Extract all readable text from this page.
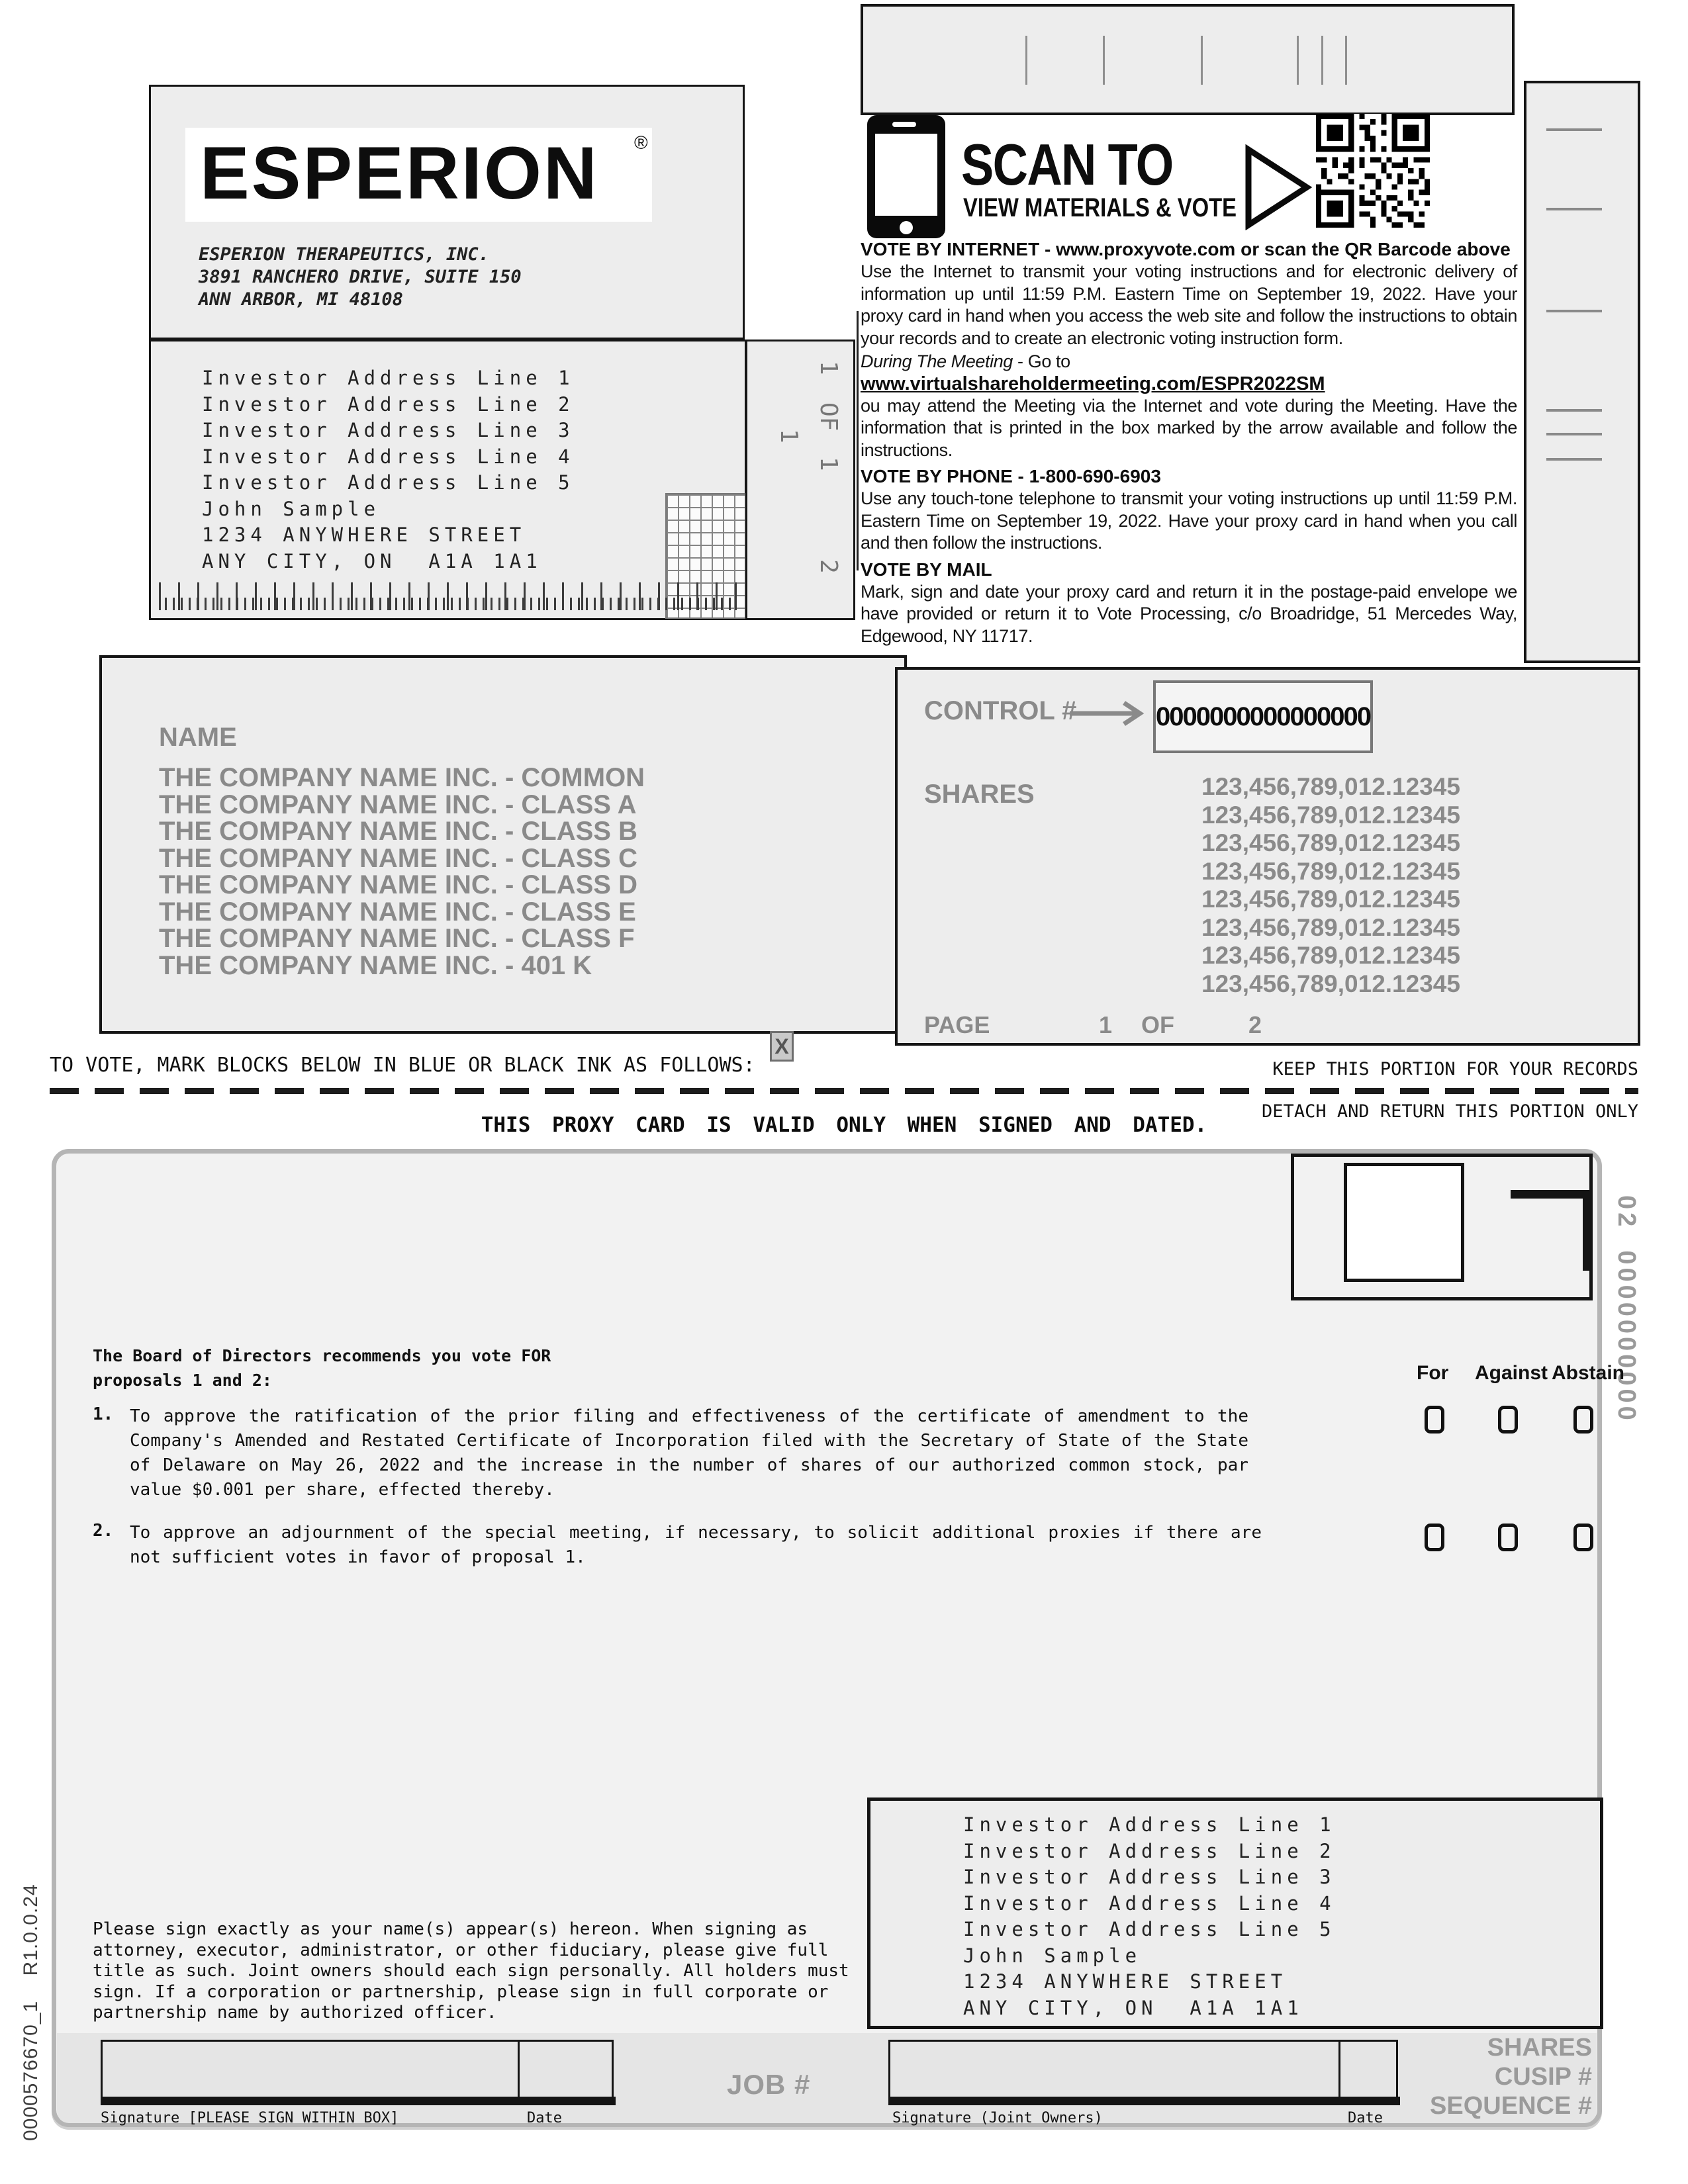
ESPERION ®
ESPERION THERAPEUTICS, INC.
3891 RANCHERO DRIVE, SUITE 150
ANN ARBOR, MI 48108
Investor Address Line 1
Investor Address Line 2
Investor Address Line 3
Investor Address Line 4
Investor Address Line 5
John Sample
1234 ANYWHERE STREET
ANY CITY, ON  A1A 1A1
1
OF
1
1
2
SCAN TO
VIEW MATERIALS & VOTE
VOTE BY INTERNET - www.proxyvote.com or scan the QR Barcode above
Use the Internet to transmit your voting instructions and for electronic delivery of information up until 11:59 P.M. Eastern Time on September 19, 2022. Have your proxy card in hand when you access the web site and follow the instructions to obtain your records and to create an electronic voting instruction form.
During The Meeting - Go to www.virtualshareholdermeeting.com/ESPR2022SM
ou may attend the Meeting via the Internet and vote during the Meeting. Have the information that is printed in the box marked by the arrow available and follow the instructions.
VOTE BY PHONE - 1-800-690-6903
Use any touch-tone telephone to transmit your voting instructions up until 11:59 P.M. Eastern Time on September 19, 2022. Have your proxy card in hand when you call and then follow the instructions.
VOTE BY MAIL
Mark, sign and date your proxy card and return it in the postage-paid envelope we have provided or return it to Vote Processing, c/o Broadridge, 51 Mercedes Way, Edgewood, NY 11717.
NAME
THE COMPANY NAME INC. - COMMON
THE COMPANY NAME INC. - CLASS A
THE COMPANY NAME INC. - CLASS B
THE COMPANY NAME INC. - CLASS C
THE COMPANY NAME INC. - CLASS D
THE COMPANY NAME INC. - CLASS E
THE COMPANY NAME INC. - CLASS F
THE COMPANY NAME INC. - 401 K
CONTROL #	0000000000000000
SHARES	123,456,789,012.12345
123,456,789,012.12345
123,456,789,012.12345
123,456,789,012.12345
123,456,789,012.12345
123,456,789,012.12345
123,456,789,012.12345
123,456,789,012.12345
PAGE	1 OF	2
TO VOTE, MARK BLOCKS BELOW IN BLUE OR BLACK INK AS FOLLOWS:
X
KEEP THIS PORTION FOR YOUR RECORDS
DETACH AND RETURN THIS PORTION ONLY
THIS PROXY CARD IS VALID ONLY WHEN SIGNED AND DATED.
02  0000000000
0000576670_1    R1.0.0.24
The Board of Directors recommends you vote FOR
proposals 1 and 2:	For Against Abstain
1. To approve the ratification of the prior filing and effectiveness of the certificate of amendment to the Company's Amended and Restated Certificate of Incorporation filed with the Secretary of State of the State of Delaware on May 26, 2022 and the increase in the number of shares of our authorized common stock, par value $0.001 per share, effected thereby.
2. To approve an adjournment of the special meeting, if necessary, to solicit additional proxies if there are not sufficient votes in favor of proposal 1.
Please sign exactly as your name(s) appear(s) hereon. When signing as attorney, executor, administrator, or other fiduciary, please give full title as such. Joint owners should each sign personally. All holders must sign. If a corporation or partnership, please sign in full corporate or partnership name by authorized officer.
Investor Address Line 1
Investor Address Line 2
Investor Address Line 3
Investor Address Line 4
Investor Address Line 5
John Sample
1234 ANYWHERE STREET
ANY CITY, ON  A1A 1A1
Signature [PLEASE SIGN WITHIN BOX]	Date
JOB #
Signature (Joint Owners)	Date
SHARES
CUSIP #
SEQUENCE #
